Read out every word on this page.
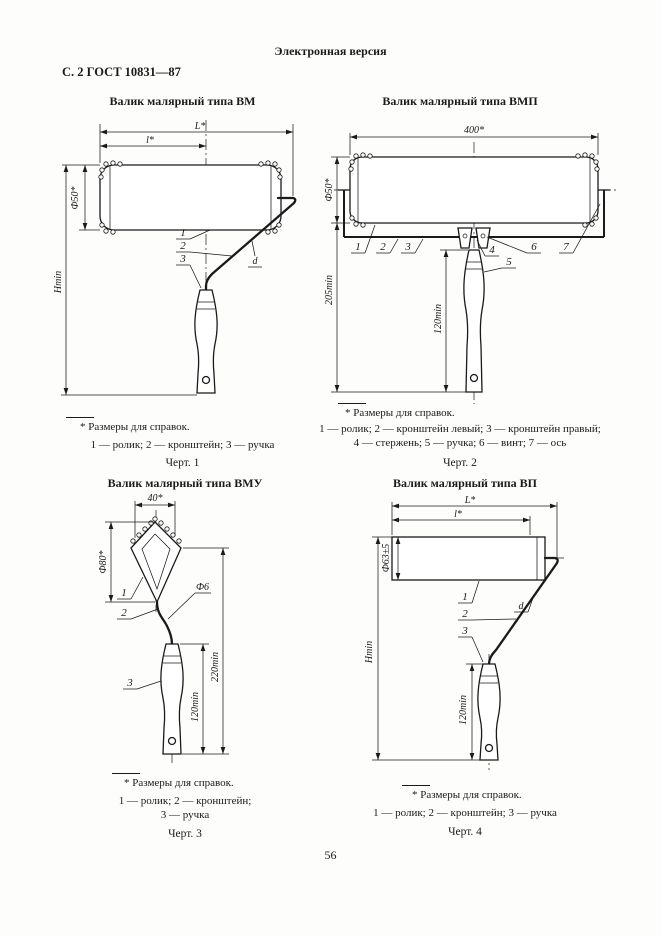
Электронная версия
С. 2 ГОСТ 10831—87
Валик малярный типа ВМ
L*
l*
Ф50*
Hmin
d
1
2
3
* Размеры для справок.
1 — ролик; 2 — кронштейн; 3 — ручка
Черт. 1
Валик малярный типа ВМП
400*
Ф50*
205min
120min
1 2 3	4
5
6 7
* Размеры для справок.
1 — ролик; 2 — кронштейн левый; 3 — кронштейн правый;
4 — стержень; 5 — ручка; 6 — винт; 7 — ось
Черт. 2
Валик малярный типа ВМУ
40*
Ф80*
Ф6
220min
120min
1
2
3
* Размеры для справок.
1 — ролик; 2 — кронштейн;
3 — ручка
Черт. 3
Валик малярный типа ВП
L*
l*
Ф63±5
Hmin
120min
d
1
2
3
* Размеры для справок.
1 — ролик; 2 — кронштейн; 3 — ручка
Черт. 4
56
